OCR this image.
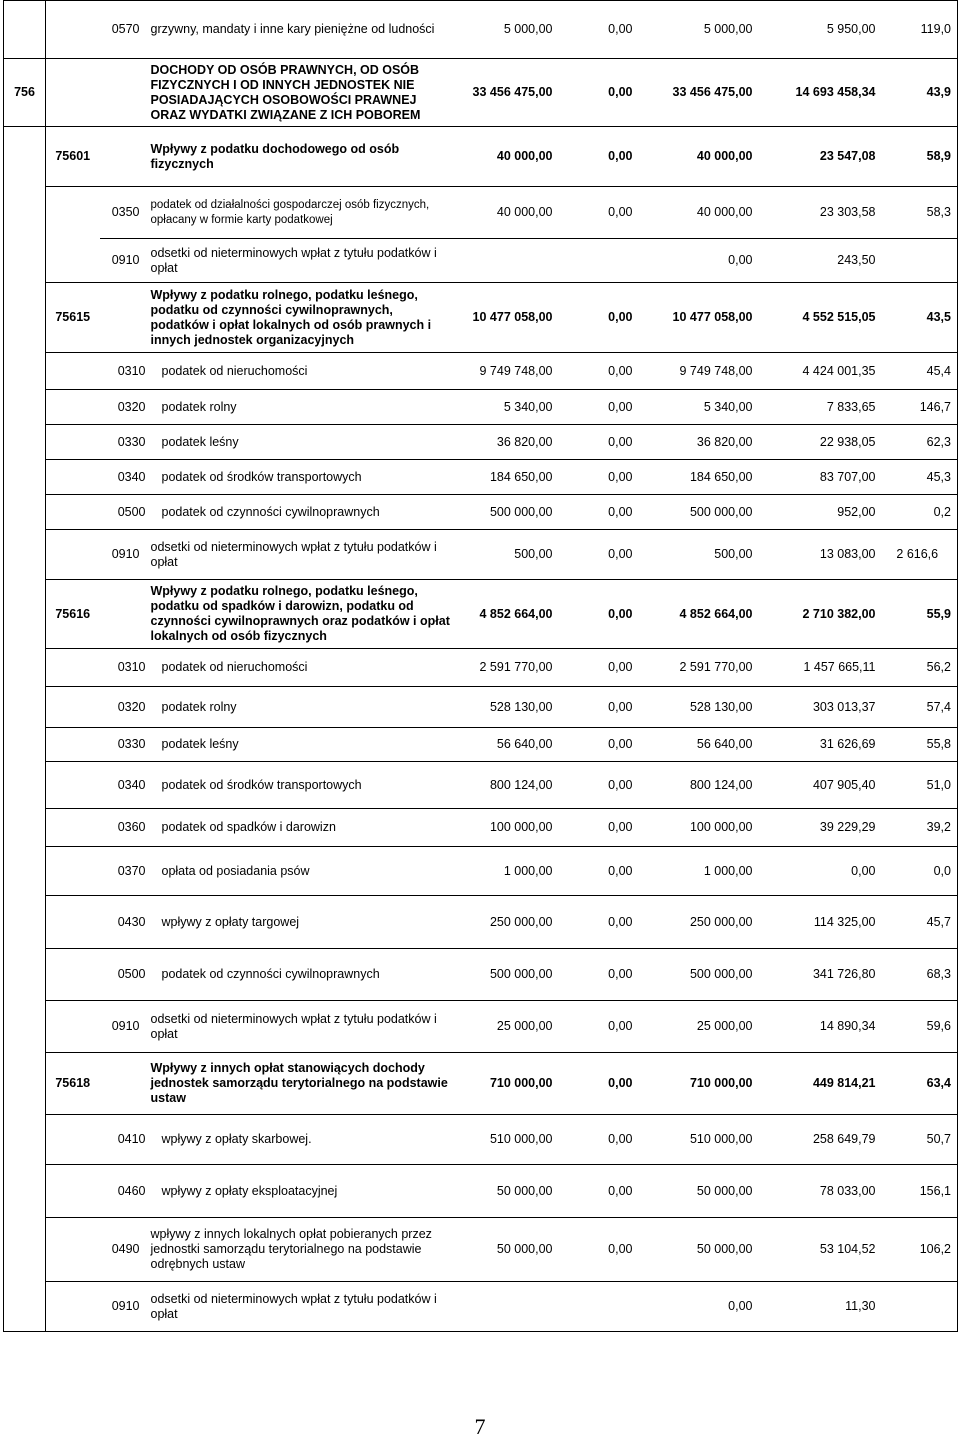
		0570	grzywny, mandaty i inne kary pieniężne od ludności	5 000,00	0,00	5 000,00	5 950,00	119,0
756			DOCHODY OD OSÓB PRAWNYCH, OD OSÓB FIZYCZNYCH I OD INNYCH JEDNOSTEK NIE POSIADAJĄCYCH OSOBOWOŚCI PRAWNEJ ORAZ WYDATKI ZWIĄZANE Z ICH POBOREM	33 456 475,00	0,00	33 456 475,00	14 693 458,34	43,9
	75601		Wpływy z podatku dochodowego od osób fizycznych	40 000,00	0,00	40 000,00	23 547,08	58,9
		0350	podatek od działalności gospodarczej osób fizycznych, opłacany w formie karty podatkowej	40 000,00	0,00	40 000,00	23 303,58	58,3
		0910	odsetki od nieterminowych wpłat z tytułu podatków i opłat			0,00	243,50	
	75615		Wpływy z podatku rolnego, podatku leśnego, podatku od czynności cywilnoprawnych, podatków i opłat lokalnych od osób prawnych i innych jednostek organizacyjnych	10 477 058,00	0,00	10 477 058,00	4 552 515,05	43,5
		0310	podatek od nieruchomości	9 749 748,00	0,00	9 749 748,00	4 424 001,35	45,4
		0320	podatek rolny	5 340,00	0,00	5 340,00	7 833,65	146,7
		0330	podatek leśny	36 820,00	0,00	36 820,00	22 938,05	62,3
		0340	podatek od środków transportowych	184 650,00	0,00	184 650,00	83 707,00	45,3
		0500	podatek od czynności cywilnoprawnych	500 000,00	0,00	500 000,00	952,00	0,2
		0910	odsetki od nieterminowych wpłat z tytułu podatków i opłat	500,00	0,00	500,00	13 083,00	2 616,6
	75616		Wpływy z podatku rolnego, podatku leśnego, podatku od spadków i darowizn, podatku od czynności cywilnoprawnych oraz podatków i opłat lokalnych od osób fizycznych	4 852 664,00	0,00	4 852 664,00	2 710 382,00	55,9
		0310	podatek od nieruchomości	2 591 770,00	0,00	2 591 770,00	1 457 665,11	56,2
		0320	podatek rolny	528 130,00	0,00	528 130,00	303 013,37	57,4
		0330	podatek leśny	56 640,00	0,00	56 640,00	31 626,69	55,8
		0340	podatek od środków transportowych	800 124,00	0,00	800 124,00	407 905,40	51,0
		0360	podatek od spadków i darowizn	100 000,00	0,00	100 000,00	39 229,29	39,2
		0370	opłata od posiadania psów	1 000,00	0,00	1 000,00	0,00	0,0
		0430	wpływy z opłaty targowej	250 000,00	0,00	250 000,00	114 325,00	45,7
		0500	podatek od czynności cywilnoprawnych	500 000,00	0,00	500 000,00	341 726,80	68,3
		0910	odsetki od nieterminowych wpłat z tytułu podatków i opłat	25 000,00	0,00	25 000,00	14 890,34	59,6
	75618		Wpływy z innych opłat stanowiących dochody jednostek samorządu terytorialnego na podstawie ustaw	710 000,00	0,00	710 000,00	449 814,21	63,4
		0410	wpływy z opłaty skarbowej.	510 000,00	0,00	510 000,00	258 649,79	50,7
		0460	wpływy z opłaty eksploatacyjnej	50 000,00	0,00	50 000,00	78 033,00	156,1
		0490	wpływy z innych lokalnych opłat pobieranych przez jednostki samorządu terytorialnego na podstawie odrębnych ustaw	50 000,00	0,00	50 000,00	53 104,52	106,2
		0910	odsetki od nieterminowych wpłat z tytułu podatków i opłat			0,00	11,30	
7
